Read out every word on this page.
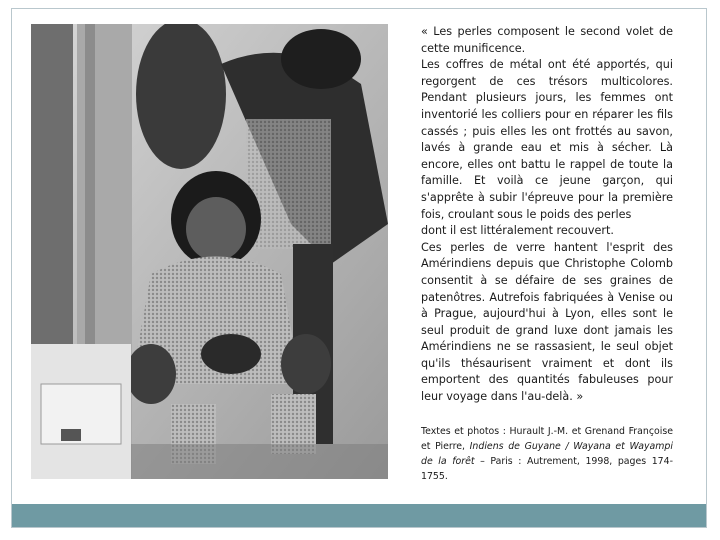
« Les perles composent le second volet de cette munificence.

Les coffres de métal ont été apportés, qui regorgent de ces trésors multicolores. Pendant plusieurs jours, les femmes ont inventorié les colliers pour en réparer les fils cassés ; puis elles les ont frottés au savon, lavés à grande eau et mis à sécher. Là encore, elles ont battu le rappel de toute la famille. Et voilà ce jeune garçon, qui s'apprête à subir l'épreuve pour la première fois, croulant sous le poids des perles

dont il est littéralement recouvert.

Ces perles de verre hantent l'esprit des Amérindiens depuis que Christophe Colomb consentit à se défaire de ses graines de patenôtres. Autrefois fabriquées à Venise ou à Prague, aujourd'hui à Lyon, elles sont le seul produit de grand luxe dont jamais les Amérindiens ne se rassasient, le seul objet qu'ils thésaurisent vraiment et dont ils emportent des quantités fabuleuses pour leur voyage dans l'au-delà. »

Textes et photos : Hurault J.-M. et Grenand Françoise et Pierre, Indiens de Guyane / Wayana et Wayampi de la forêt – Paris : Autrement, 1998, pages 174-1755.
